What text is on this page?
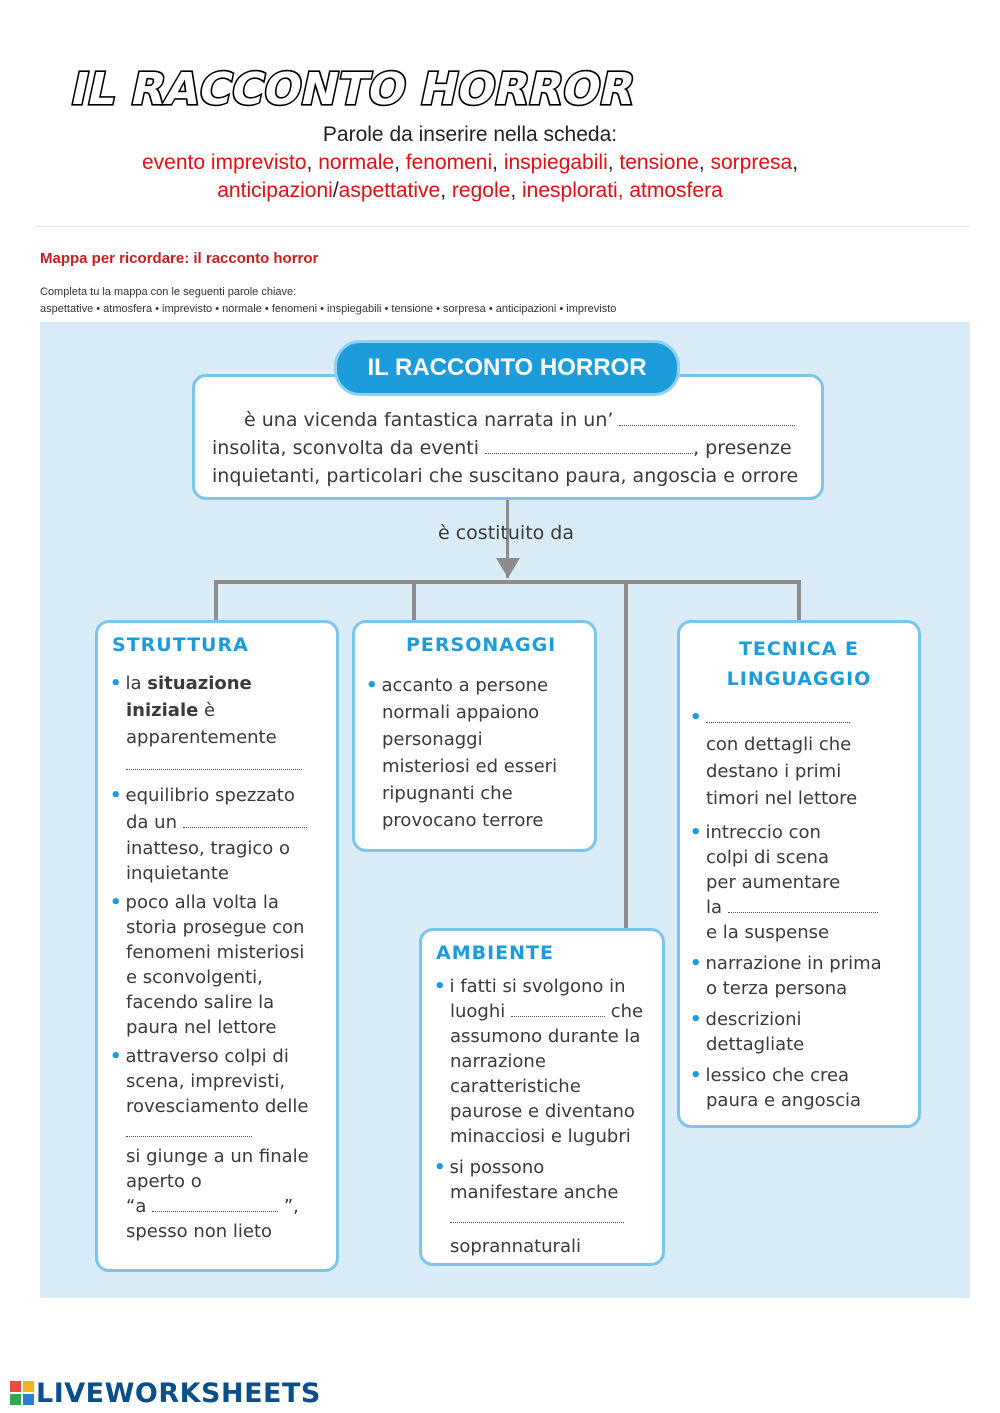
IL RACCONTO HORROR
Parole da inserire nella scheda:
evento imprevisto, normale, fenomeni, inspiegabili, tensione, sorpresa,
anticipazioni/aspettative, regole, inesplorati, atmosfera
Mappa per ricordare: il racconto horror
Completa tu la mappa con le seguenti parole chiave:
aspettative • atmosfera • imprevisto • normale • fenomeni • inspiegabili • tensione • sorpresa • anticipazioni • imprevisto
IL RACCONTO HORROR
è una vicenda fantastica narrata in un’
insolita, sconvolta da eventi	, presenze
inquietanti, particolari che suscitano paura, angoscia e orrore
è costituito da
STRUTTURA
• la situazione
iniziale è
apparentemente
• equilibrio spezzato
da un
inatteso, tragico o
inquietante
• poco alla volta la
storia prosegue con
fenomeni misteriosi
e sconvolgenti,
facendo salire la
paura nel lettore
• attraverso colpi di
scena, imprevisti,
rovesciamento delle
si giunge a un finale
aperto o
“a	”,
spesso non lieto
PERSONAGGI
• accanto a persone
normali appaiono
personaggi
misteriosi ed esseri
ripugnanti che
provocano terrore
AMBIENTE
• i fatti si svolgono in
luoghi	che
assumono durante la
narrazione
caratteristiche
paurose e diventano
minacciosi e lugubri
• si possono
manifestare anche
soprannaturali
TECNICA E
LINGUAGGIO
•
con dettagli che
destano i primi
timori nel lettore
• intreccio con
colpi di scena
per aumentare
la
e la suspense
• narrazione in prima
o terza persona
• descrizioni
dettagliate
• lessico che crea
paura e angoscia
LIVEWORKSHEETS
